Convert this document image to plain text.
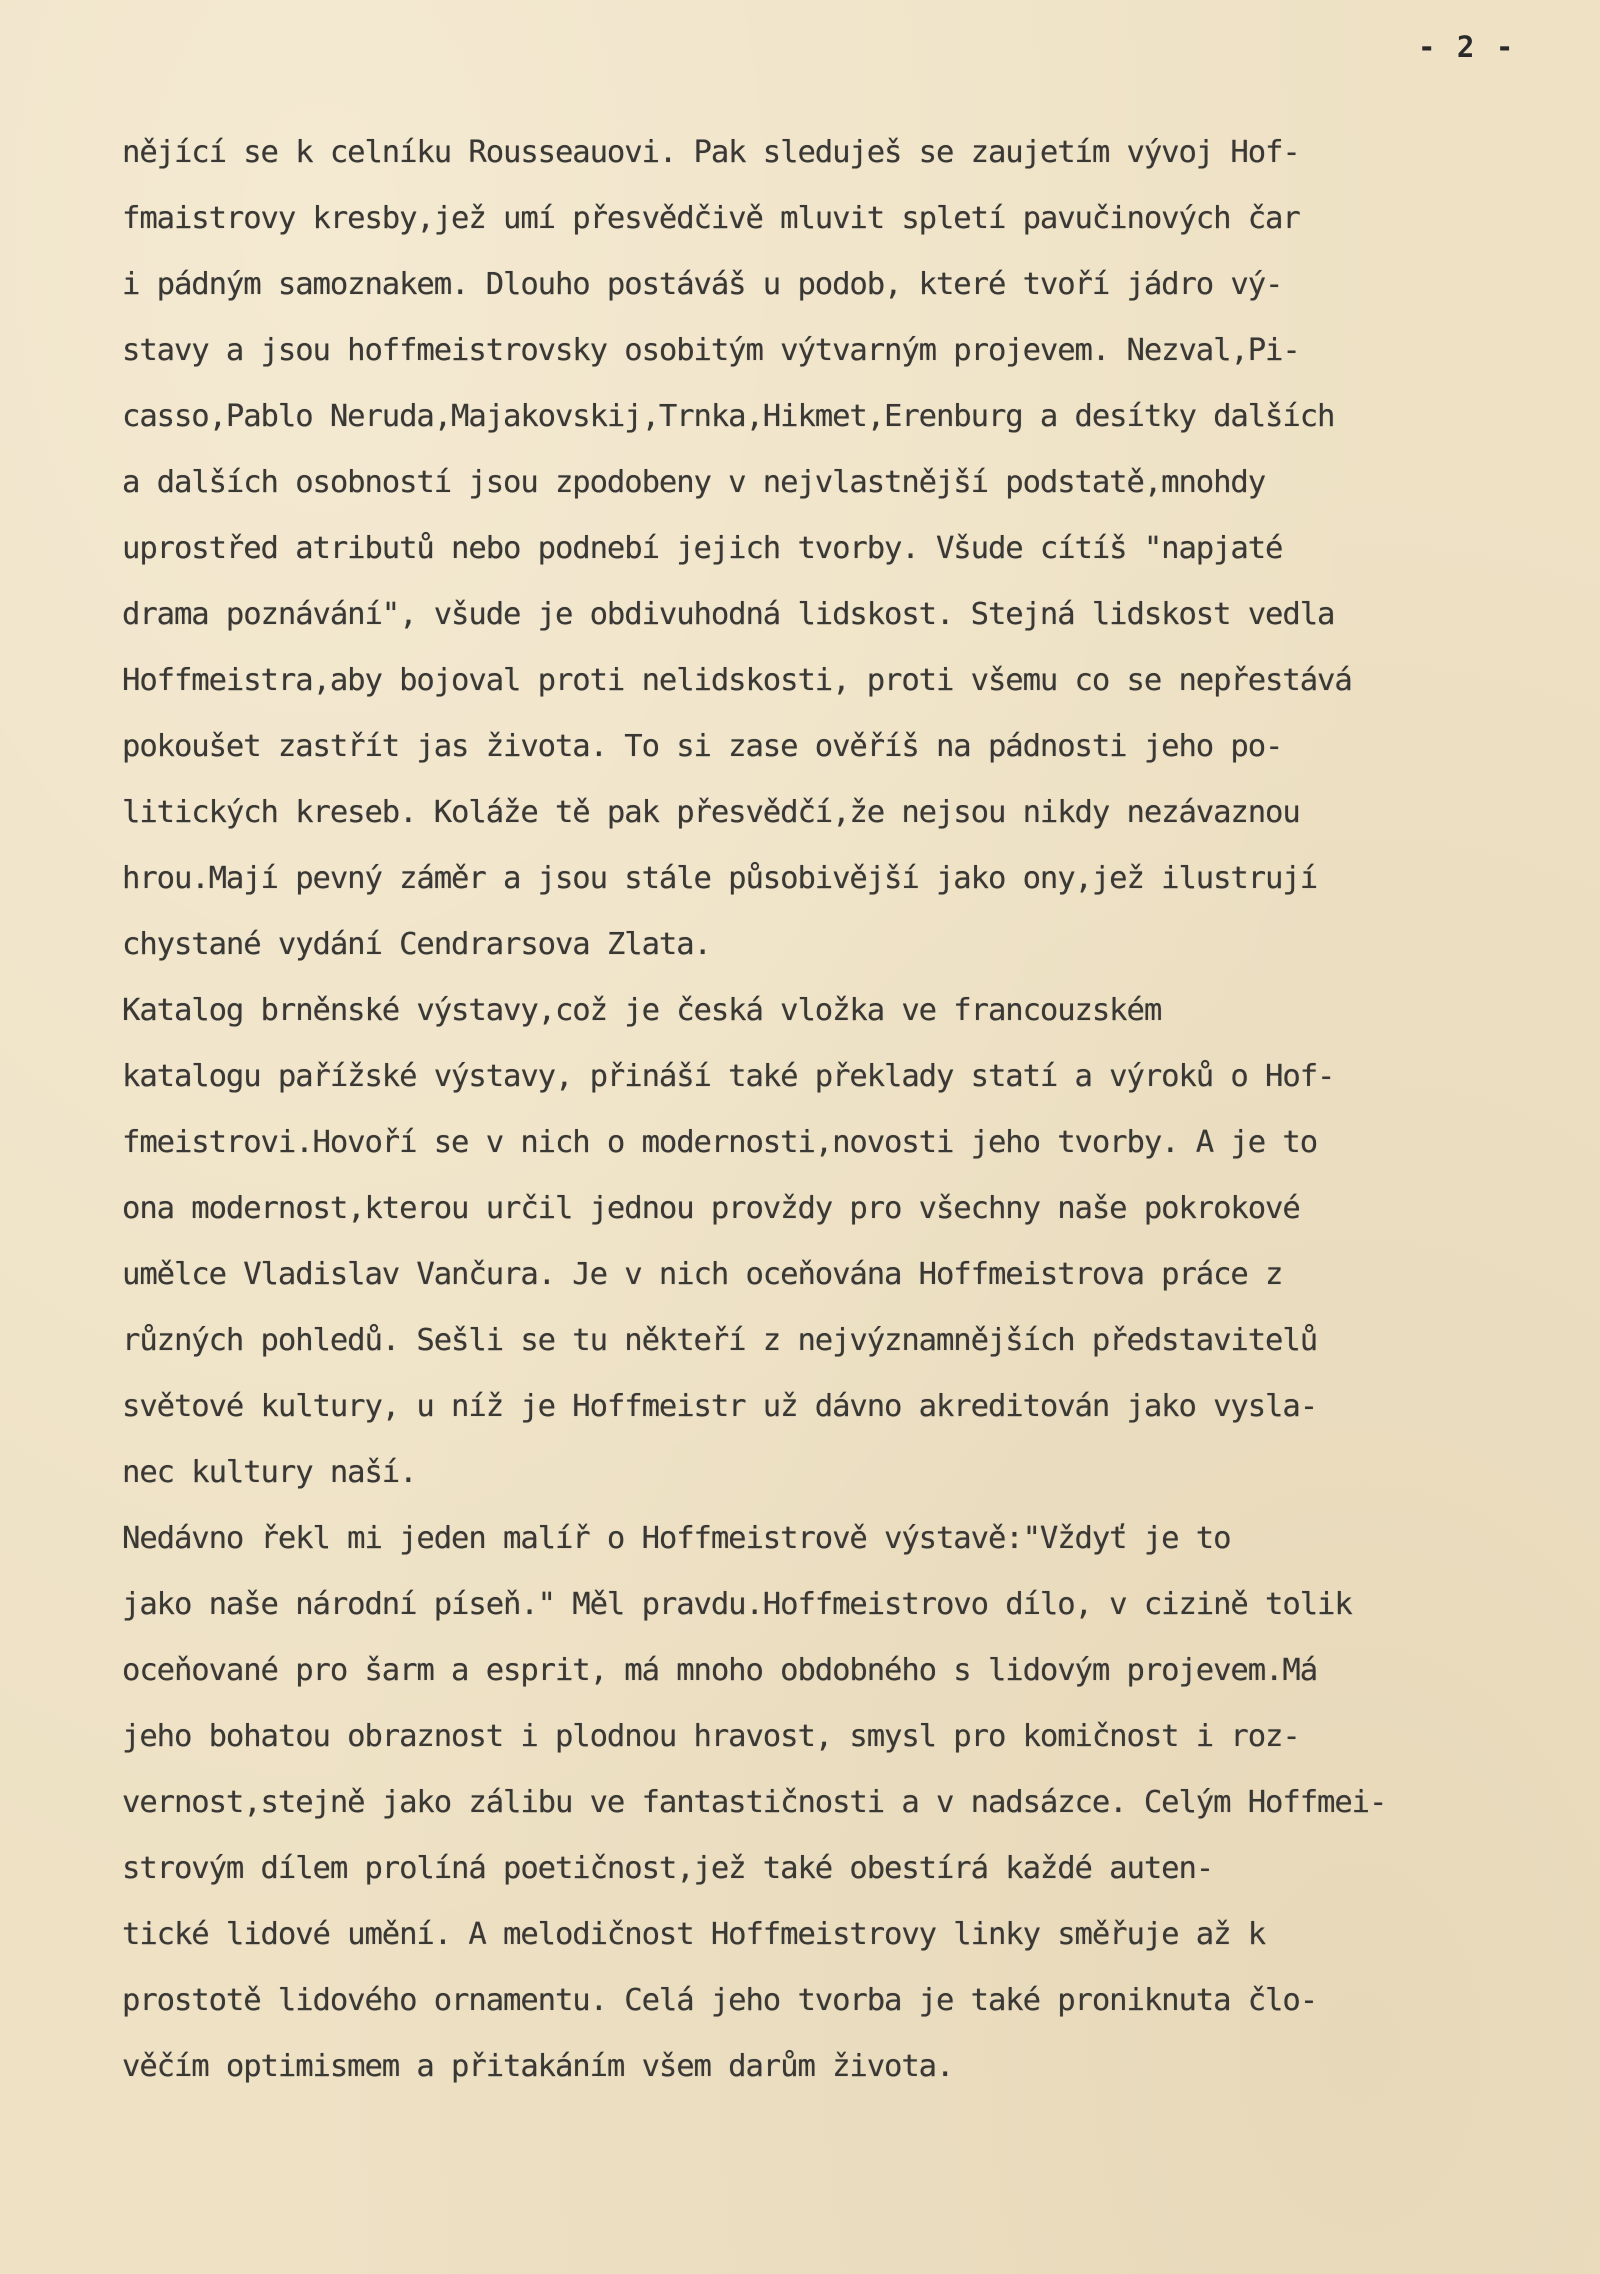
- 2 -
nějící se k celníku Rousseauovi. Pak sleduješ se zaujetím vývoj Hof-
fmaistrovy kresby,jež umí přesvědčivě mluvit spletí pavučinových čar
i pádným samoznakem. Dlouho postáváš u podob, které tvoří jádro vý-
stavy a jsou hoffmeistrovsky osobitým výtvarným projevem. Nezval,Pi-
casso,Pablo Neruda,Majakovskij,Trnka,Hikmet,Erenburg a desítky dalších
a dalších osobností jsou zpodobeny v nejvlastnější podstatě,mnohdy
uprostřed atributů nebo podnebí jejich tvorby. Všude cítíš "napjaté
drama poznávání", všude je obdivuhodná lidskost. Stejná lidskost vedla
Hoffmeistra,aby bojoval proti nelidskosti, proti všemu co se nepřestává
pokoušet zastřít jas života. To si zase ověříš na pádnosti jeho po-
litických kreseb. Koláže tě pak přesvědčí,že nejsou nikdy nezávaznou
hrou.Mají pevný záměr a jsou stále působivější jako ony,jež ilustrují
chystané vydání Cendrarsova Zlata.
Katalog brněnské výstavy,což je česká vložka ve francouzském
katalogu pařížské výstavy, přináší také překlady statí a výroků o Hof-
fmeistrovi.Hovoří se v nich o modernosti,novosti jeho tvorby. A je to
ona modernost,kterou určil jednou provždy pro všechny naše pokrokové
umělce Vladislav Vančura. Je v nich oceňována Hoffmeistrova práce z
různých pohledů. Sešli se tu někteří z nejvýznamnějších představitelů
světové kultury, u níž je Hoffmeistr už dávno akreditován jako vysla-
nec kultury naší.
Nedávno řekl mi jeden malíř o Hoffmeistrově výstavě:"Vždyť je to
jako naše národní píseň." Měl pravdu.Hoffmeistrovo dílo, v cizině tolik
oceňované pro šarm a esprit, má mnoho obdobného s lidovým projevem.Má
jeho bohatou obraznost i plodnou hravost, smysl pro komičnost i roz-
vernost,stejně jako zálibu ve fantastičnosti a v nadsázce. Celým Hoffmei-
strovým dílem prolíná poetičnost,jež také obestírá každé auten-
tické lidové umění. A melodičnost Hoffmeistrovy linky směřuje až k
prostotě lidového ornamentu. Celá jeho tvorba je také proniknuta člo-
věčím optimismem a přitakáním všem darům života.
